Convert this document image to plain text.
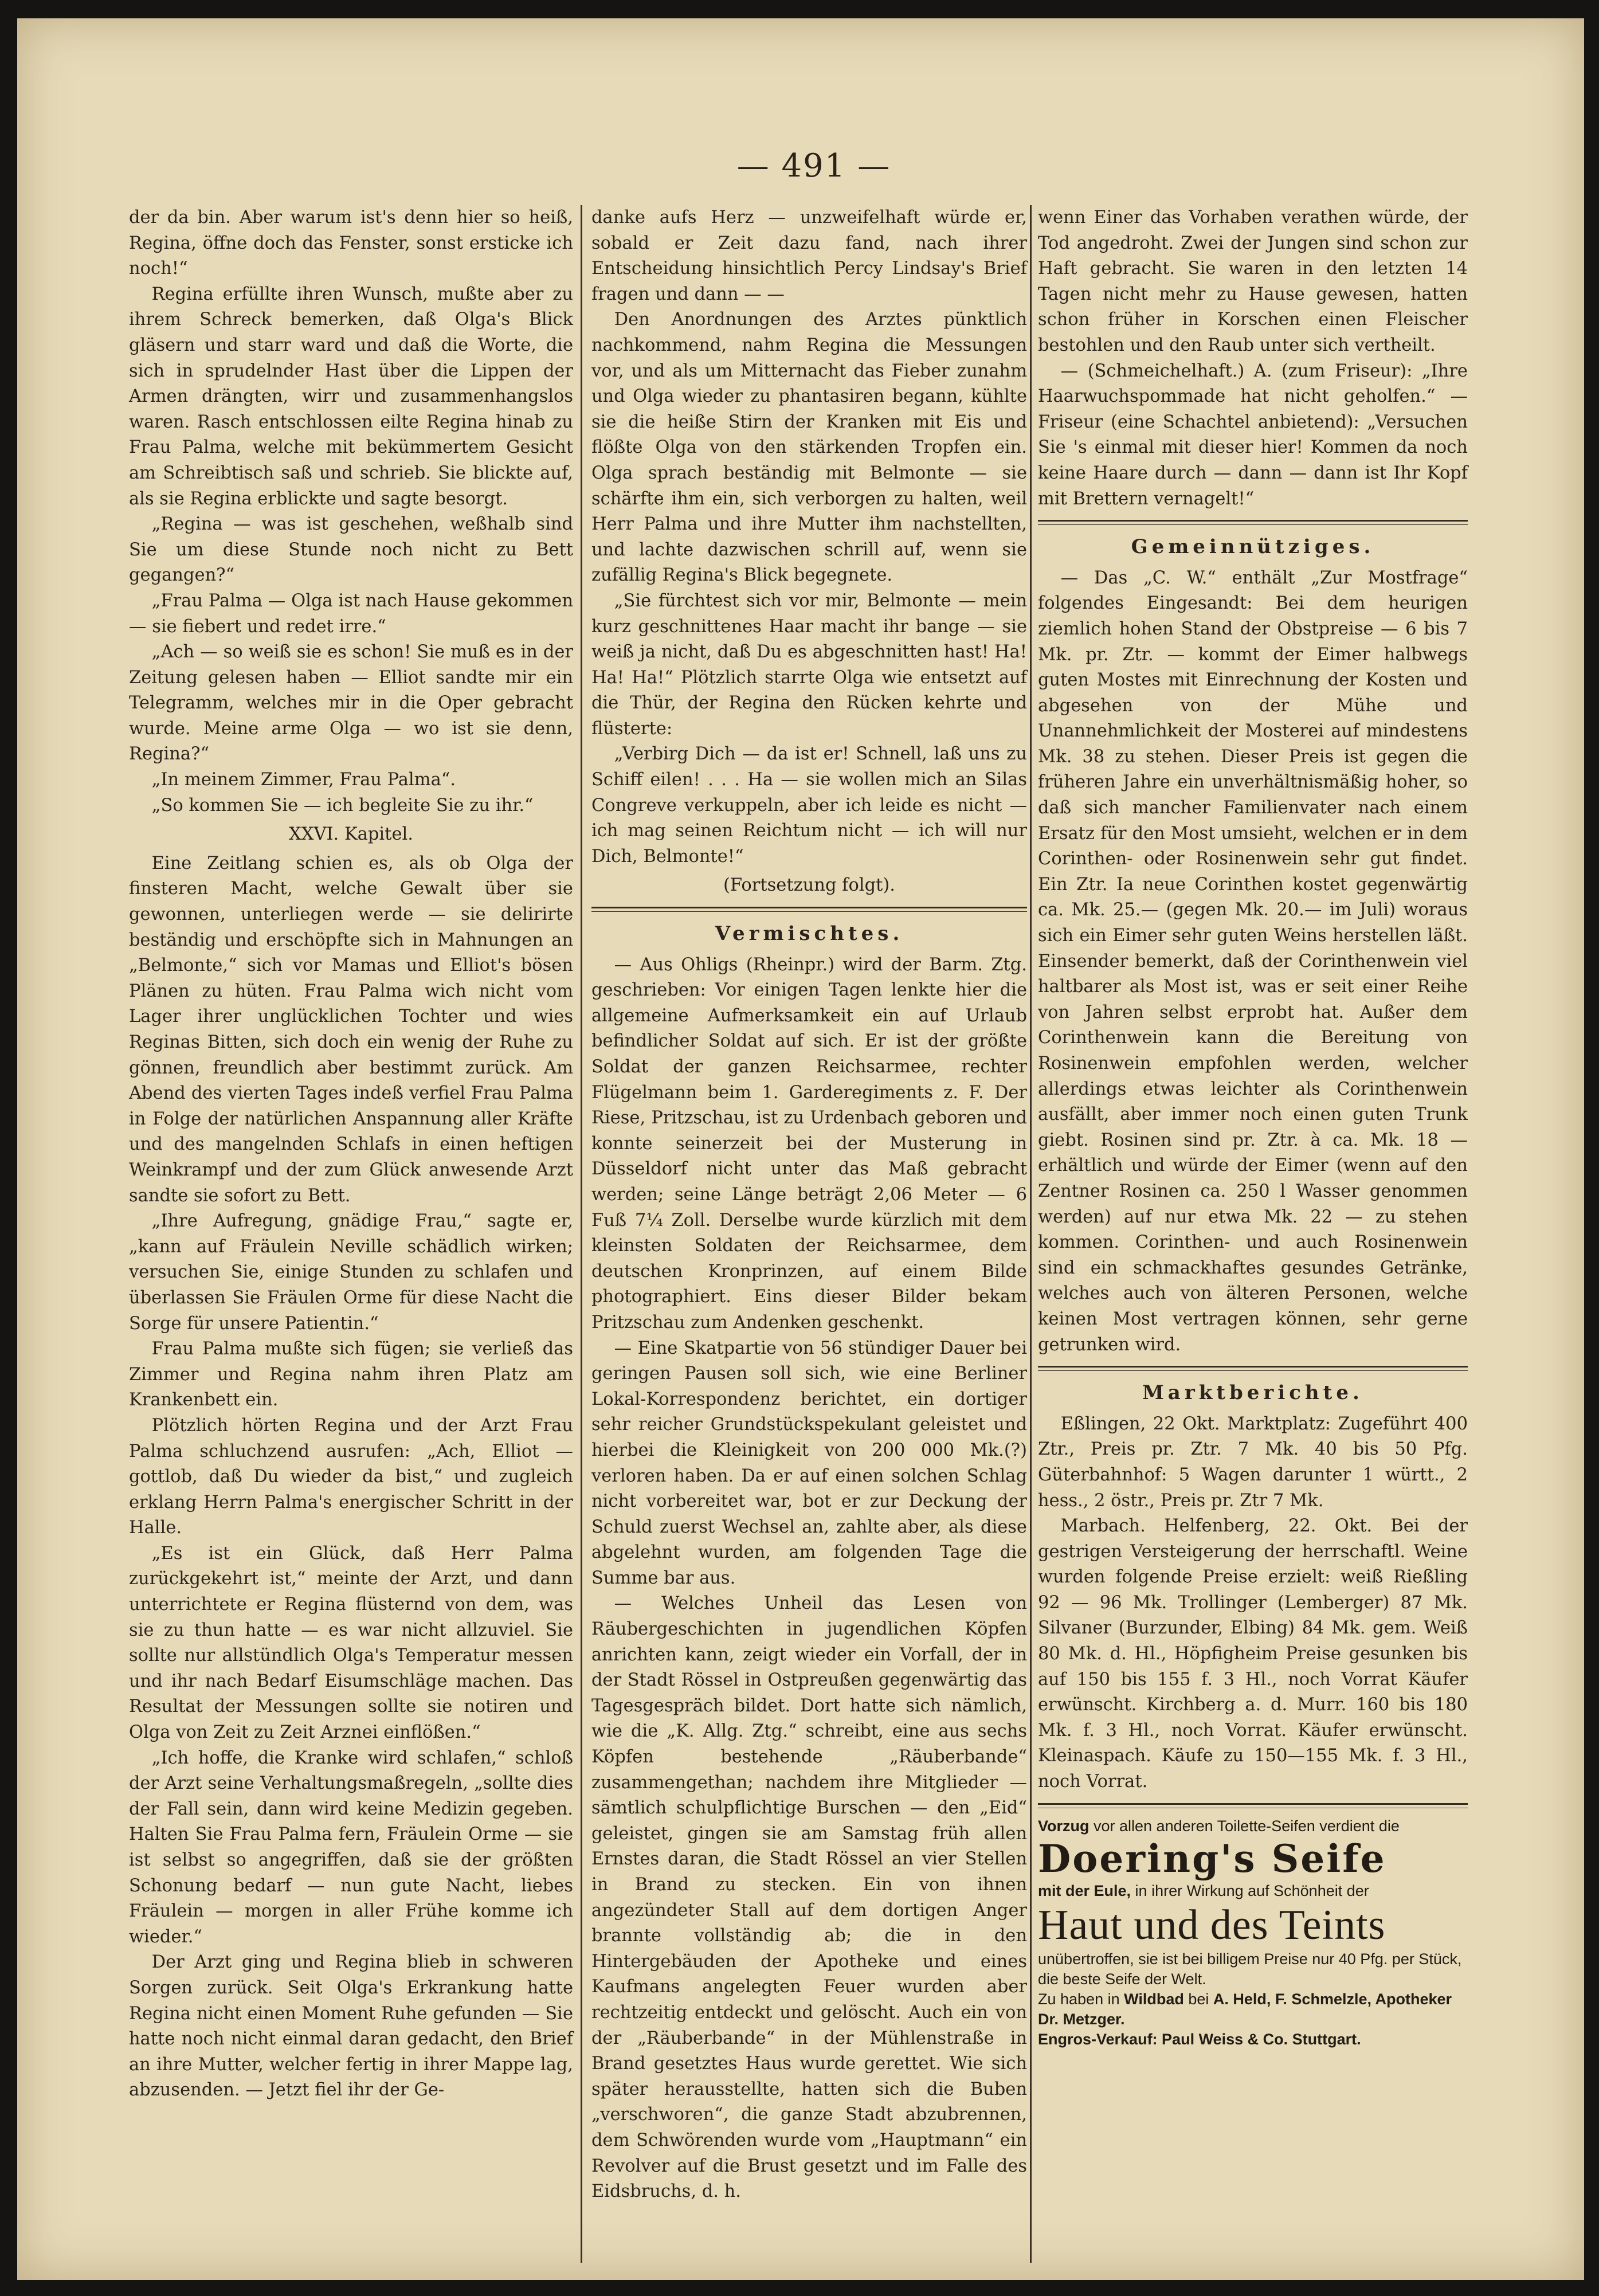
— 491 —

der da bin. Aber warum ist's denn hier so heiß, Regina, öffne doch das Fenster, sonst ersticke ich noch!“

Regina erfüllte ihren Wunsch, mußte aber zu ihrem Schreck bemerken, daß Olga's Blick gläsern und starr ward und daß die Worte, die sich in sprudelnder Hast über die Lippen der Armen drängten, wirr und zusammenhangslos waren. Rasch entschlossen eilte Regina hinab zu Frau Palma, welche mit bekümmertem Gesicht am Schreibtisch saß und schrieb. Sie blickte auf, als sie Regina erblickte und sagte besorgt.

„Regina — was ist geschehen, weßhalb sind Sie um diese Stunde noch nicht zu Bett gegangen?“

„Frau Palma — Olga ist nach Hause gekommen — sie fiebert und redet irre.“

„Ach — so weiß sie es schon! Sie muß es in der Zeitung gelesen haben — Elliot sandte mir ein Telegramm, welches mir in die Oper gebracht wurde. Meine arme Olga — wo ist sie denn, Regina?“

„In meinem Zimmer, Frau Palma“.

„So kommen Sie — ich begleite Sie zu ihr.“

XXVI. Kapitel.

Eine Zeitlang schien es, als ob Olga der finsteren Macht, welche Gewalt über sie gewonnen, unterliegen werde — sie delirirte beständig und erschöpfte sich in Mahnungen an „Belmonte,“ sich vor Mamas und Elliot's bösen Plänen zu hüten. Frau Palma wich nicht vom Lager ihrer unglücklichen Tochter und wies Reginas Bitten, sich doch ein wenig der Ruhe zu gönnen, freundlich aber bestimmt zurück. Am Abend des vierten Tages indeß verfiel Frau Palma in Folge der natürlichen Anspannung aller Kräfte und des mangelnden Schlafs in einen heftigen Weinkrampf und der zum Glück anwesende Arzt sandte sie sofort zu Bett.

„Ihre Aufregung, gnädige Frau,“ sagte er, „kann auf Fräulein Neville schädlich wirken; versuchen Sie, einige Stunden zu schlafen und überlassen Sie Fräulen Orme für diese Nacht die Sorge für unsere Patientin.“

Frau Palma mußte sich fügen; sie verließ das Zimmer und Regina nahm ihren Platz am Krankenbett ein.

Plötzlich hörten Regina und der Arzt Frau Palma schluchzend ausrufen: „Ach, Elliot — gottlob, daß Du wieder da bist,“ und zugleich erklang Herrn Palma's energischer Schritt in der Halle.

„Es ist ein Glück, daß Herr Palma zurückgekehrt ist,“ meinte der Arzt, und dann unterrichtete er Regina flüsternd von dem, was sie zu thun hatte — es war nicht allzuviel. Sie sollte nur allstündlich Olga's Temperatur messen und ihr nach Bedarf Eisumschläge machen. Das Resultat der Messungen sollte sie notiren und Olga von Zeit zu Zeit Arznei einflößen.“

„Ich hoffe, die Kranke wird schlafen,“ schloß der Arzt seine Verhaltungsmaßregeln, „sollte dies der Fall sein, dann wird keine Medizin gegeben. Halten Sie Frau Palma fern, Fräulein Orme — sie ist selbst so angegriffen, daß sie der größten Schonung bedarf — nun gute Nacht, liebes Fräulein — morgen in aller Frühe komme ich wieder.“

Der Arzt ging und Regina blieb in schweren Sorgen zurück. Seit Olga's Erkrankung hatte Regina nicht einen Moment Ruhe gefunden — Sie hatte noch nicht einmal daran gedacht, den Brief an ihre Mutter, welcher fertig in ihrer Mappe lag, abzusenden. — Jetzt fiel ihr der Ge-

danke aufs Herz — unzweifelhaft würde er, sobald er Zeit dazu fand, nach ihrer Entscheidung hinsichtlich Percy Lindsay's Brief fragen und dann — —

Den Anordnungen des Arztes pünktlich nachkommend, nahm Regina die Messungen vor, und als um Mitternacht das Fieber zunahm und Olga wieder zu phantasiren begann, kühlte sie die heiße Stirn der Kranken mit Eis und flößte Olga von den stärkenden Tropfen ein. Olga sprach beständig mit Belmonte — sie schärfte ihm ein, sich verborgen zu halten, weil Herr Palma und ihre Mutter ihm nachstellten, und lachte dazwischen schrill auf, wenn sie zufällig Regina's Blick begegnete.

„Sie fürchtest sich vor mir, Belmonte — mein kurz geschnittenes Haar macht ihr bange — sie weiß ja nicht, daß Du es abgeschnitten hast! Ha! Ha! Ha!“ Plötzlich starrte Olga wie entsetzt auf die Thür, der Regina den Rücken kehrte und flüsterte:

„Verbirg Dich — da ist er! Schnell, laß uns zu Schiff eilen! . . . Ha — sie wollen mich an Silas Congreve verkuppeln, aber ich leide es nicht — ich mag seinen Reichtum nicht — ich will nur Dich, Belmonte!“

(Fortsetzung folgt).

Vermischtes.

— Aus Ohligs (Rheinpr.) wird der Barm. Ztg. geschrieben: Vor einigen Tagen lenkte hier die allgemeine Aufmerksamkeit ein auf Urlaub befindlicher Soldat auf sich. Er ist der größte Soldat der ganzen Reichsarmee, rechter Flügelmann beim 1. Garderegiments z. F. Der Riese, Pritzschau, ist zu Urdenbach geboren und konnte seinerzeit bei der Musterung in Düsseldorf nicht unter das Maß gebracht werden; seine Länge beträgt 2,06 Meter — 6 Fuß 7¼ Zoll. Derselbe wurde kürzlich mit dem kleinsten Soldaten der Reichsarmee, dem deutschen Kronprinzen, auf einem Bilde photographiert. Eins dieser Bilder bekam Pritzschau zum Andenken geschenkt.

— Eine Skatpartie von 56 stündiger Dauer bei geringen Pausen soll sich, wie eine Berliner Lokal-Korrespondenz berichtet, ein dortiger sehr reicher Grundstückspekulant geleistet und hierbei die Kleinigkeit von 200 000 Mk.(?) verloren haben. Da er auf einen solchen Schlag nicht vorbereitet war, bot er zur Deckung der Schuld zuerst Wechsel an, zahlte aber, als diese abgelehnt wurden, am folgenden Tage die Summe bar aus.

— Welches Unheil das Lesen von Räubergeschichten in jugendlichen Köpfen anrichten kann, zeigt wieder ein Vorfall, der in der Stadt Rössel in Ostpreußen gegenwärtig das Tagesgespräch bildet. Dort hatte sich nämlich, wie die „K. Allg. Ztg.“ schreibt, eine aus sechs Köpfen bestehende „Räuberbande“ zusammengethan; nachdem ihre Mitglieder — sämtlich schulpflichtige Burschen — den „Eid“ geleistet, gingen sie am Samstag früh allen Ernstes daran, die Stadt Rössel an vier Stellen in Brand zu stecken. Ein von ihnen angezündeter Stall auf dem dortigen Anger brannte vollständig ab; die in den Hintergebäuden der Apotheke und eines Kaufmans angelegten Feuer wurden aber rechtzeitig entdeckt und gelöscht. Auch ein von der „Räuberbande“ in der Mühlenstraße in Brand gesetztes Haus wurde gerettet. Wie sich später herausstellte, hatten sich die Buben „verschworen“, die ganze Stadt abzubrennen, dem Schwörenden wurde vom „Hauptmann“ ein Revolver auf die Brust gesetzt und im Falle des Eidsbruchs, d. h.

wenn Einer das Vorhaben verathen würde, der Tod angedroht. Zwei der Jungen sind schon zur Haft gebracht. Sie waren in den letzten 14 Tagen nicht mehr zu Hause gewesen, hatten schon früher in Korschen einen Fleischer bestohlen und den Raub unter sich vertheilt.

— (Schmeichelhaft.) A. (zum Friseur): „Ihre Haarwuchspommade hat nicht geholfen.“ — Friseur (eine Schachtel anbietend): „Versuchen Sie 's einmal mit dieser hier! Kommen da noch keine Haare durch — dann — dann ist Ihr Kopf mit Brettern vernagelt!“

Gemeinnütziges.

— Das „C. W.“ enthält „Zur Mostfrage“ folgendes Eingesandt: Bei dem heurigen ziemlich hohen Stand der Obstpreise — 6 bis 7 Mk. pr. Ztr. — kommt der Eimer halbwegs guten Mostes mit Einrechnung der Kosten und abgesehen von der Mühe und Unannehmlichkeit der Mosterei auf mindestens Mk. 38 zu stehen. Dieser Preis ist gegen die früheren Jahre ein unverhältnismäßig hoher, so daß sich mancher Familienvater nach einem Ersatz für den Most umsieht, welchen er in dem Corinthen- oder Rosinenwein sehr gut findet. Ein Ztr. Ia neue Corinthen kostet gegenwärtig ca. Mk. 25.— (gegen Mk. 20.— im Juli) woraus sich ein Eimer sehr guten Weins herstellen läßt. Einsender bemerkt, daß der Corinthenwein viel haltbarer als Most ist, was er seit einer Reihe von Jahren selbst erprobt hat. Außer dem Corinthenwein kann die Bereitung von Rosinenwein empfohlen werden, welcher allerdings etwas leichter als Corinthenwein ausfällt, aber immer noch einen guten Trunk giebt. Rosinen sind pr. Ztr. à ca. Mk. 18 — erhältlich und würde der Eimer (wenn auf den Zentner Rosinen ca. 250 l Wasser genommen werden) auf nur etwa Mk. 22 — zu stehen kommen. Corinthen- und auch Rosinenwein sind ein schmackhaftes gesundes Getränke, welches auch von älteren Personen, welche keinen Most vertragen können, sehr gerne getrunken wird.

Marktberichte.

Eßlingen, 22 Okt. Marktplatz: Zugeführt 400 Ztr., Preis pr. Ztr. 7 Mk. 40 bis 50 Pfg. Güterbahnhof: 5 Wagen darunter 1 württ., 2 hess., 2 östr., Preis pr. Ztr 7 Mk.

Marbach. Helfenberg, 22. Okt. Bei der gestrigen Versteigerung der herrschaftl. Weine wurden folgende Preise erzielt: weiß Rießling 92 — 96 Mk. Trollinger (Lemberger) 87 Mk. Silvaner (Burzunder, Elbing) 84 Mk. gem. Weiß 80 Mk. d. Hl., Höpfigheim Preise gesunken bis auf 150 bis 155 f. 3 Hl., noch Vorrat Käufer erwünscht. Kirchberg a. d. Murr. 160 bis 180 Mk. f. 3 Hl., noch Vorrat. Käufer erwünscht. Kleinaspach. Käufe zu 150—155 Mk. f. 3 Hl., noch Vorrat.

Vorzug vor allen anderen Toilette-Seifen verdient die
Doering's Seife
mit der Eule, in ihrer Wirkung auf Schönheit der
Haut und des Teints
unübertroffen, sie ist bei billigem Preise nur 40 Pfg. per Stück, die beste Seife der Welt.
Zu haben in Wildbad bei A. Held, F. Schmelzle, Apotheker Dr. Metzger.
Engros-Verkauf: Paul Weiss & Co. Stuttgart.
